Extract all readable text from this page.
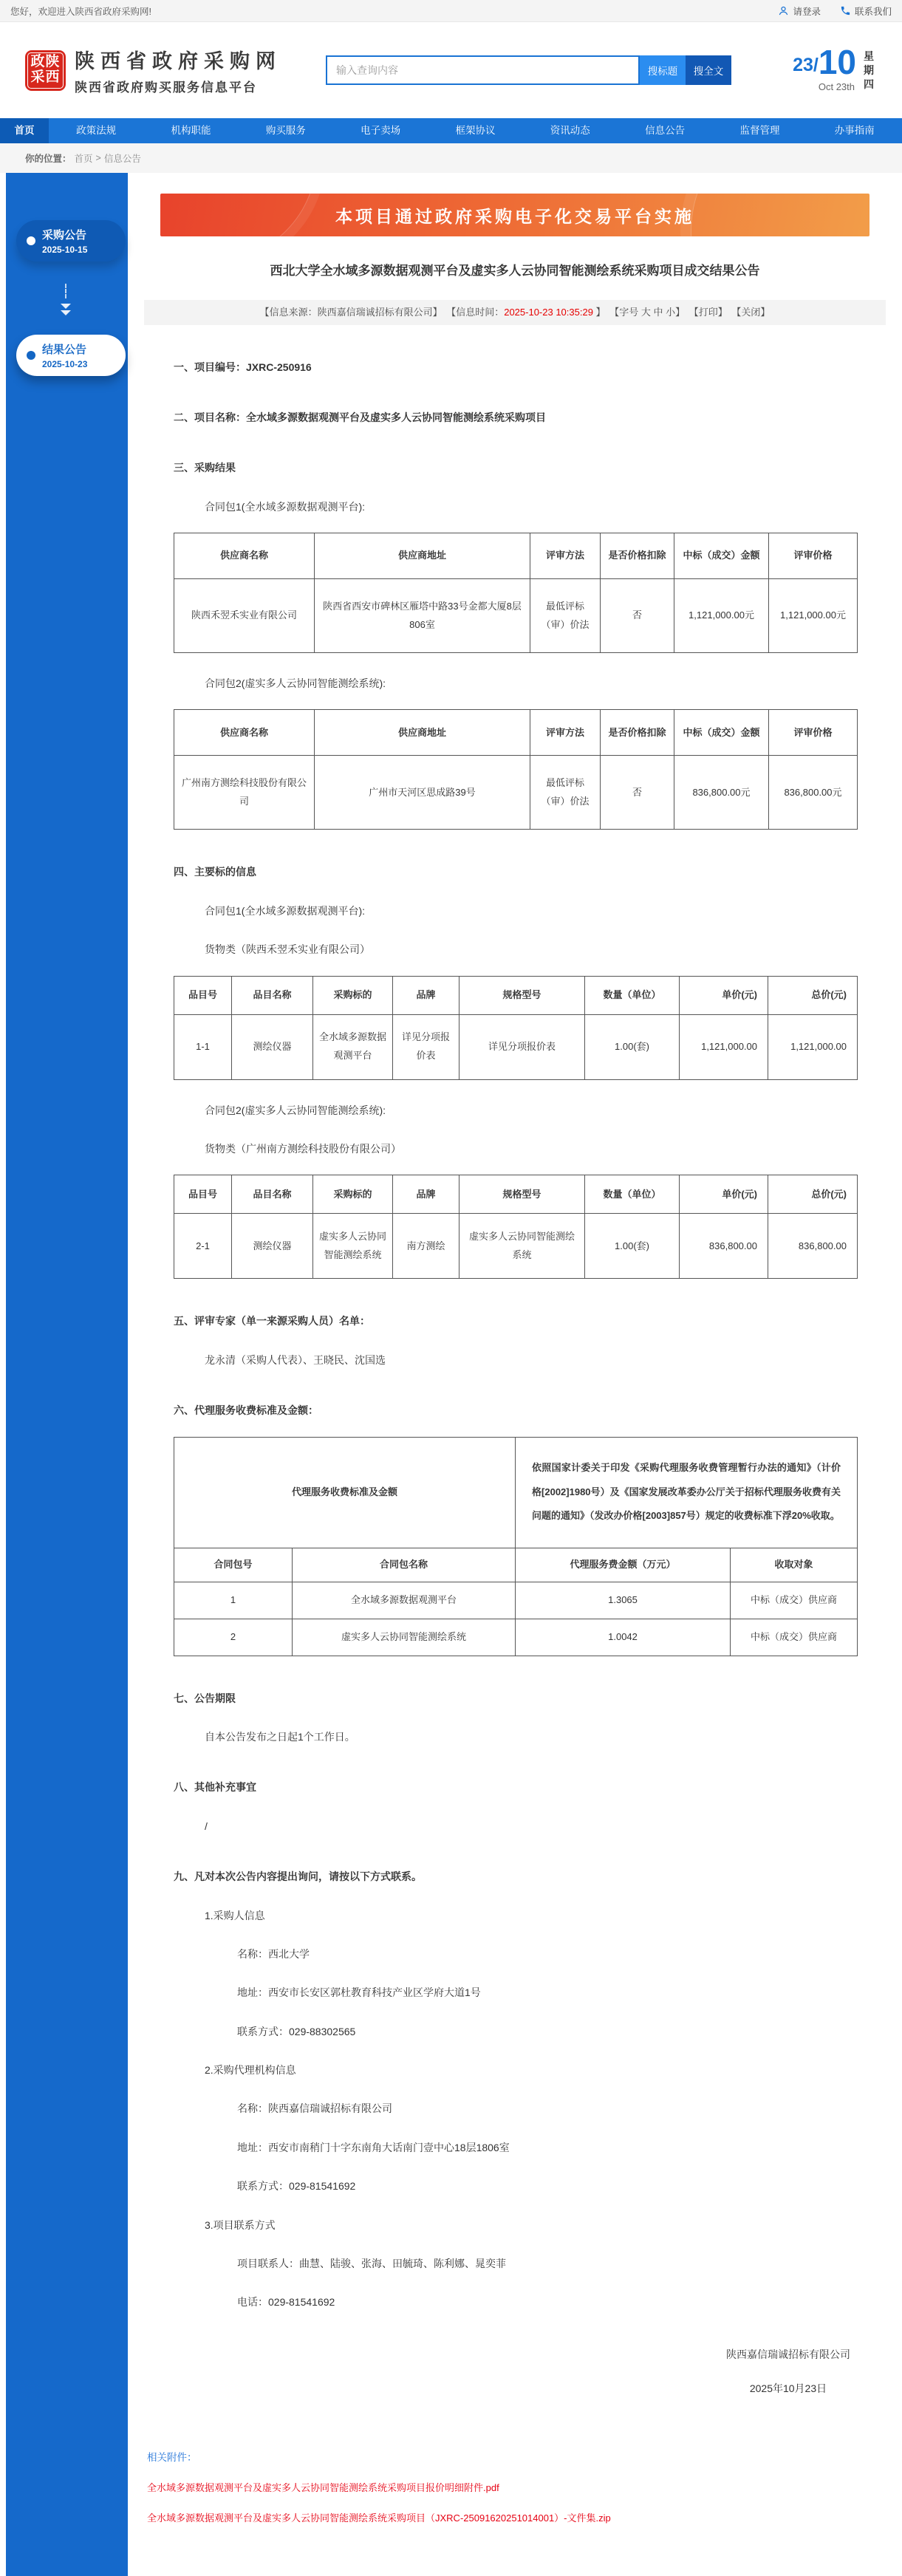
您好，欢迎进入陕西省政府采购网!	请登录	联系我们
政陕
采西
陕西省政府采购网
陕西省政府购买服务信息平台
输入查询内容
搜标题	搜全文	23/ 10
Oct 23th
星期四
首页	政策法规	机构职能	购买服务	电子卖场	框架协议	资讯动态	信息公告	监督管理	办事指南
你的位置： 首页 > 信息公告
采购公告
2025-10-15
结果公告
2025-10-23
本项目通过政府采购电子化交易平台实施
西北大学全水域多源数据观测平台及虚实多人云协同智能测绘系统采购项目成交结果公告
【信息来源：陕西嘉信瑞诚招标有限公司】 【信息时间：2025-10-23 10:35:29 】 【字号 大 中 小】 【打印】 【关闭】

一、项目编号：JXRC-250916

二、项目名称：全水域多源数据观测平台及虚实多人云协同智能测绘系统采购项目

三、采购结果

合同包1(全水域多源数据观测平台):

供应商名称	供应商地址	评审方法	是否价格扣除	中标（成交）金额	评审价格
陕西禾翌禾实业有限公司	陕西省西安市碑林区雁塔中路33号金都大厦8层806室	最低评标（审）价法	否	1,121,000.00元	1,121,000.00元

合同包2(虚实多人云协同智能测绘系统):

供应商名称	供应商地址	评审方法	是否价格扣除	中标（成交）金额	评审价格
广州南方测绘科技股份有限公司	广州市天河区思成路39号	最低评标（审）价法	否	836,800.00元	836,800.00元

四、主要标的信息

合同包1(全水域多源数据观测平台):

货物类（陕西禾翌禾实业有限公司）

品目号	品目名称	采购标的	品牌	规格型号	数量（单位）	单价(元)	总价(元)
1-1	测绘仪器	全水域多源数据观测平台	详见分项报价表	详见分项报价表	1.00(套)	1,121,000.00	1,121,000.00

合同包2(虚实多人云协同智能测绘系统):

货物类（广州南方测绘科技股份有限公司）

品目号	品目名称	采购标的	品牌	规格型号	数量（单位）	单价(元)	总价(元)
2-1	测绘仪器	虚实多人云协同智能测绘系统	南方测绘	虚实多人云协同智能测绘系统	1.00(套)	836,800.00	836,800.00

五、评审专家（单一来源采购人员）名单：

龙永清（采购人代表）、王晓民、沈国选

六、代理服务收费标准及金额：

代理服务收费标准及金额		依照国家计委关于印发《采购代理服务收费管理暂行办法的通知》（计价格[2002]1980号）及《国家发展改革委办公厅关于招标代理服务收费有关问题的通知》（发改办价格[2003]857号）规定的收费标准下浮20%收取。	
合同包号	合同包名称	代理服务费金额（万元）	收取对象
1	全水域多源数据观测平台	1.3065	中标（成交）供应商
2	虚实多人云协同智能测绘系统	1.0042	中标（成交）供应商

七、公告期限

自本公告发布之日起1个工作日。

八、其他补充事宜

/

九、凡对本次公告内容提出询问，请按以下方式联系。

1.采购人信息

名称：西北大学

地址：西安市长安区郭杜教育科技产业区学府大道1号

联系方式：029-88302565

2.采购代理机构信息

名称：陕西嘉信瑞诚招标有限公司

地址：西安市南稍门十字东南角大话南门壹中心18层1806室

联系方式：029-81541692

3.项目联系方式

项目联系人：曲慧、陆骏、张海、田毓琦、陈利娜、晁奕菲

电话：029-81541692

陕西嘉信瑞诚招标有限公司
2025年10月23日
相关附件：
全水域多源数据观测平台及虚实多人云协同智能测绘系统采购项目报价明细附件.pdf
全水域多源数据观测平台及虚实多人云协同智能测绘系统采购项目（JXRC-25091620251014001）-文件集.zip
